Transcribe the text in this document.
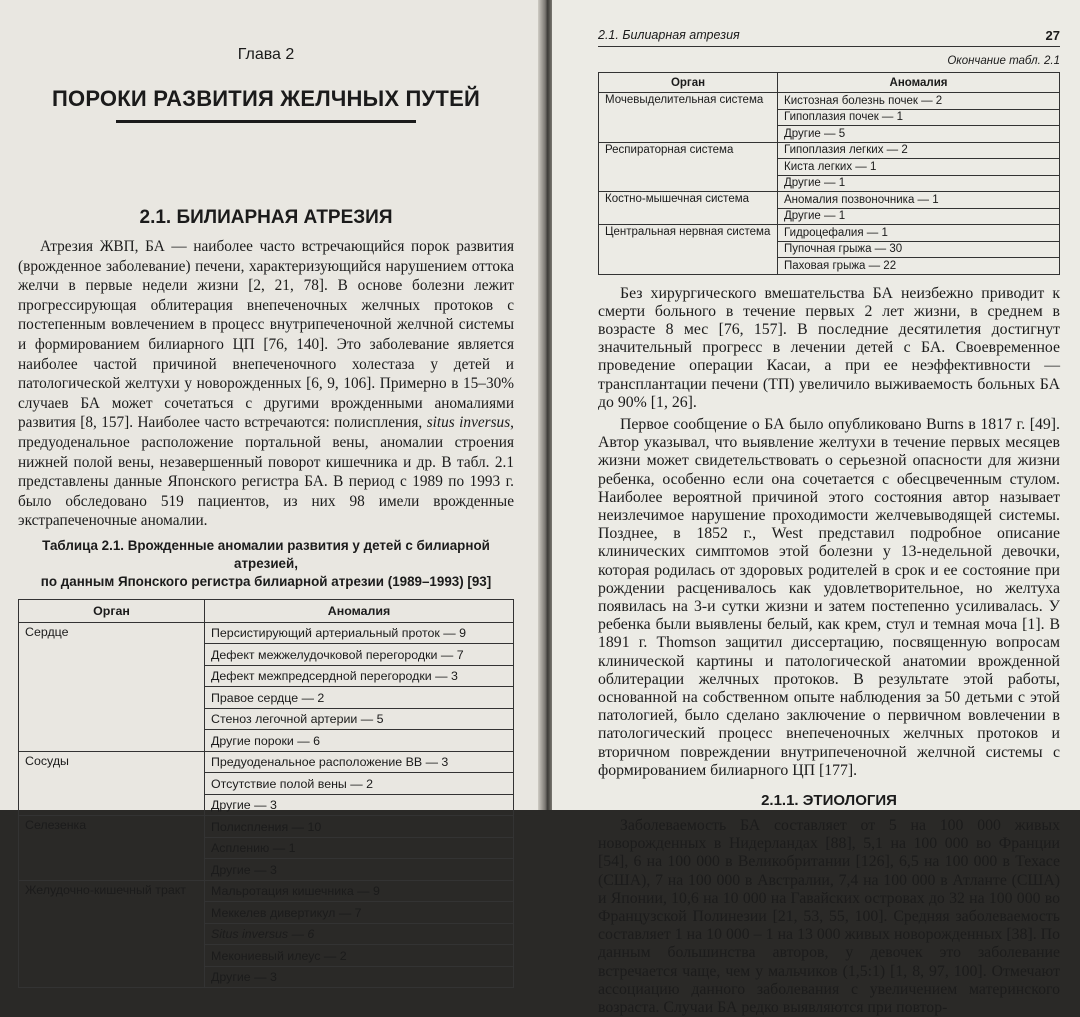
Глава 2
ПОРОКИ РАЗВИТИЯ ЖЕЛЧНЫХ ПУТЕЙ
2.1. БИЛИАРНАЯ АТРЕЗИЯ

Атрезия ЖВП, БА — наиболее часто встречающийся порок развития (врожденное заболевание) печени, характеризующийся нарушением оттока желчи в первые недели жизни [2, 21, 78]. В основе болезни лежит прогрессирующая облитерация внепеченочных желчных протоков с постепенным вовлечением в процесс внутрипеченочной желчной системы и формированием билиарного ЦП [76, 140]. Это заболевание является наиболее частой причиной внепеченочного холестаза у детей и патологической желтухи у новорожденных [6, 9, 106]. Примерно в 15–30% случаев БА может сочетаться с другими врожденными аномалиями развития [8, 157]. Наиболее часто встречаются: полиспления, situs inversus, предуоденальное расположение портальной вены, аномалии строения нижней полой вены, незавершенный поворот кишечника и др. В табл. 2.1 представлены данные Японского регистра БА. В период с 1989 по 1993 г. было обследовано 519 пациентов, из них 98 имели врожденные экстрапеченочные аномалии.

Таблица 2.1. Врожденные аномалии развития у детей с билиарной атрезией,
по данным Японского регистра билиарной атрезии (1989–1993) [93]
Орган	Аномалия
Сердце	Персистирующий артериальный проток — 9
	Дефект межжелудочковой перегородки — 7
	Дефект межпредсердной перегородки — 3
	Правое сердце — 2
	Стеноз легочной артерии — 5
	Другие пороки — 6
Сосуды	Предуоденальное расположение ВВ — 3
	Отсутствие полой вены — 2
	Другие — 3
Селезенка	Полиспления — 10
	Асплению — 1
	Другие — 3
Желудочно-кишечный тракт	Мальротация кишечника — 9
	Меккелев дивертикул — 7
	Situs inversus — 6
	Мекониевый илеус — 2
	Другие — 3
2.1. Билиарная атрезия	27
Окончание табл. 2.1
Орган	Аномалия
Мочевыделительная система	Кистозная болезнь почек — 2
	Гипоплазия почек — 1
	Другие — 5
Респираторная система	Гипоплазия легких — 2
	Киста легких — 1
	Другие — 1
Костно-мышечная система	Аномалия позвоночника — 1
	Другие — 1
Центральная нервная система	Гидроцефалия — 1
	Пупочная грыжа — 30
	Паховая грыжа — 22

Без хирургического вмешательства БА неизбежно приводит к смерти больного в течение первых 2 лет жизни, в среднем в возрасте 8 мес [76, 157]. В последние десятилетия достигнут значительный прогресс в лечении детей с БА. Своевременное проведение операции Касаи, а при ее неэффективности — трансплантации печени (ТП) увеличило выживаемость больных БА до 90% [1, 26].

Первое сообщение о БА было опубликовано Burns в 1817 г. [49]. Автор указывал, что выявление желтухи в течение первых месяцев жизни может свидетельствовать о серьезной опасности для жизни ребенка, особенно если она сочетается с обесцвеченным стулом. Наиболее вероятной причиной этого состояния автор называет неизлечимое нарушение проходимости желчевыводящей системы. Позднее, в 1852 г., West представил подробное описание клинических симптомов этой болезни у 13-недельной девочки, которая родилась от здоровых родителей в срок и ее состояние при рождении расценивалось как удовлетворительное, но желтуха появилась на 3-и сутки жизни и затем постепенно усиливалась. У ребенка были выявлены белый, как крем, стул и темная моча [1]. В 1891 г. Thomson защитил диссертацию, посвященную вопросам клинической картины и патологической анатомии врожденной облитерации желчных протоков. В результате этой работы, основанной на собственном опыте наблюдения за 50 детьми с этой патологией, было сделано заключение о первичном вовлечении в патологический процесс внепеченочных желчных протоков и вторичном повреждении внутрипеченочной желчной системы с формированием билиарного ЦП [177].

2.1.1. ЭТИОЛОГИЯ

Заболеваемость БА составляет от 5 на 100 000 живых новорожденных в Нидерландах [88], 5,1 на 100 000 во Франции [54], 6 на 100 000 в Великобритании [126], 6,5 на 100 000 в Техасе (США), 7 на 100 000 в Австралии, 7,4 на 100 000 в Атланте (США) и Японии, 10,6 на 10 000 на Гавайских островах до 32 на 100 000 во Французской Полинезии [21, 53, 55, 100]. Средняя заболеваемость составляет 1 на 10 000 – 1 на 13 000 живых новорожденных [38]. По данным большинства авторов, у девочек это заболевание встречается чаще, чем у мальчиков (1,5:1) [1, 8, 97, 100]. Отмечают ассоциацию данного заболевания с увеличением материнского возраста. Случаи БА редко выявляются при повтор-
